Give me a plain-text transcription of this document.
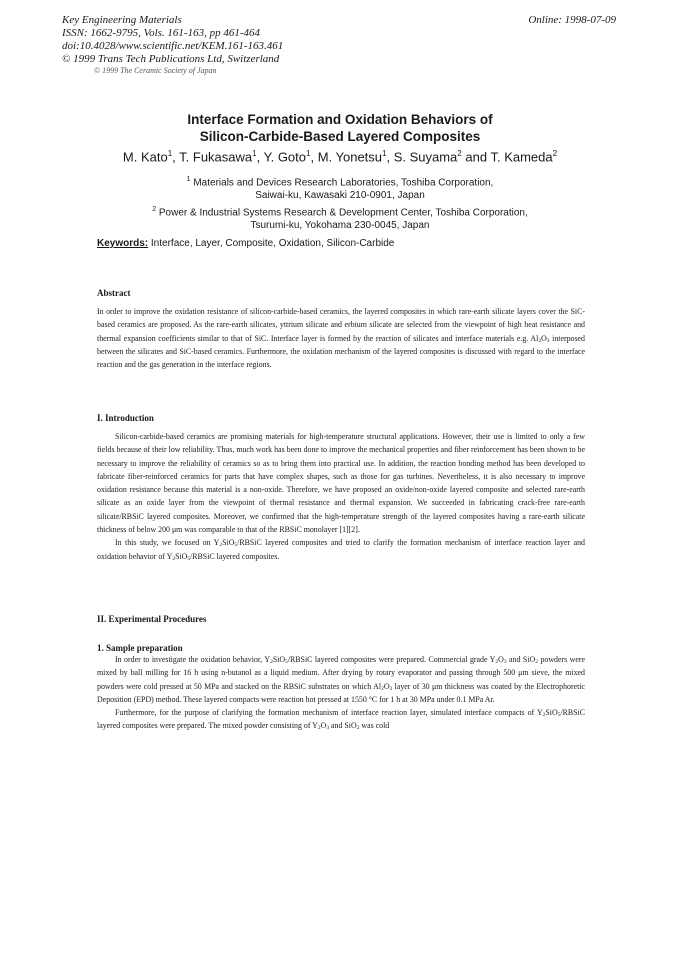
Key Engineering Materials
ISSN: 1662-9795, Vols. 161-163, pp 461-464
doi:10.4028/www.scientific.net/KEM.161-163.461
© 1999 Trans Tech Publications Ltd, Switzerland
Online: 1998-07-09
© 1999 The Ceramic Society of Japan
Interface Formation and Oxidation Behaviors of
Silicon-Carbide-Based Layered Composites
M. Kato$^1$, T. Fukasawa$^1$, Y. Goto$^1$, M. Yonetsu$^1$, S. Suyama$^2$ and T. Kameda$^2$
$^1$ Materials and Devices Research Laboratories, Toshiba Corporation,
Saiwai-ku, Kawasaki 210-0901, Japan
$^2$ Power & Industrial Systems Research & Development Center, Toshiba Corporation,
Tsurumi-ku, Yokohama 230-0045, Japan
Keywords: Interface, Layer, Composite, Oxidation, Silicon-Carbide
Abstract

In order to improve the oxidation resistance of silicon-carbide-based ceramics, the layered composites in which rare-earth silicate layers cover the SiC-based ceramics are proposed. As the rare-earth silicates, yttrium silicate and erbium silicate are selected from the viewpoint of high heat resistance and thermal expansion coefficients similar to that of SiC. Interface layer is formed by the reaction of silicates and interface materials e.g. $Al_2O_3$ interposed between the silicates and SiC-based ceramics. Furthermore, the oxidation mechanism of the layered composites is discussed with regard to the interface reaction and the gas generation in the interface regions.

I. Introduction

Silicon-carbide-based ceramics are promising materials for high-temperature structural applications. However, their use is limited to only a few fields because of their low reliability. Thus, much work has been done to improve the mechanical properties and fiber reinforcement has been shown to be necessary to improve the reliability of ceramics so as to bring them into practical use. In addition, the reaction bonding method has been developed to fabricate fiber-reinforced ceramics for parts that have complex shapes, such as those for gas turbines. Nevertheless, it is also necessary to improve oxidation resistance because this material is a non-oxide. Therefore, we have proposed an oxide/non-oxide layered composite and selected rare-earth silicate as an oxide layer from the viewpoint of thermal resistance and thermal expansion. We succeeded in fabricating crack-free rare-earth silicate/RBSiC layered composites. Moreover, we confirmed that the high-temperature strength of the layered composites having a rare-earth silicate thickness of below 200 μm was comparable to that of the RBSiC monolayer [1][2].

In this study, we focused on $Y_2SiO_5$/RBSiC layered composites and tried to clarify the formation mechanism of interface reaction layer and oxidation behavior of $Y_2SiO_5$/RBSiC layered composites.

II. Experimental Procedures
1. Sample preparation

In order to investigate the oxidation behavior, $Y_2SiO_5$/RBSiC layered composites were prepared. Commercial grade $Y_2O_3$ and SiO$_2$ powders were mixed by ball milling for 16 h using n-butanol as a liquid medium. After drying by rotary evaporator and passing through 500 μm sieve, the mixed powders were cold pressed at 50 MPa and stacked on the RBSiC substrates on which $Al_2O_3$ layer of 30 μm thickness was coated by the Electrophoretic Deposition (EPD) method. These layered compacts were reaction hot pressed at 1550 °C for 1 h at 30 MPa under 0.1 MPa Ar.

Furthermore, for the purpose of clarifying the formation mechanism of interface reaction layer, simulated interface compacts of $Y_2SiO_5$/RBSiC layered composites were prepared. The mixed powder consisting of $Y_2O_3$ and SiO$_2$ was cold
